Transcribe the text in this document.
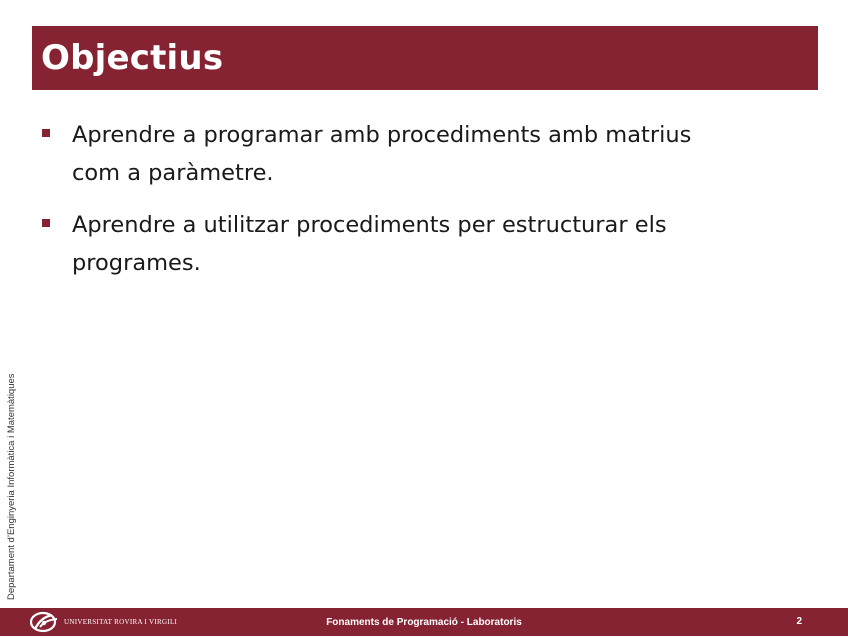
Objectius
Aprendre a programar amb procediments amb matrius com a paràmetre.
Aprendre a utilitzar procediments per estructurar els programes.
Departament d’Enginyeria Informàtica i Matemàtiques
UNIVERSITAT ROVIRA I VIRGILI	Fonaments de Programació - Laboratoris	2
